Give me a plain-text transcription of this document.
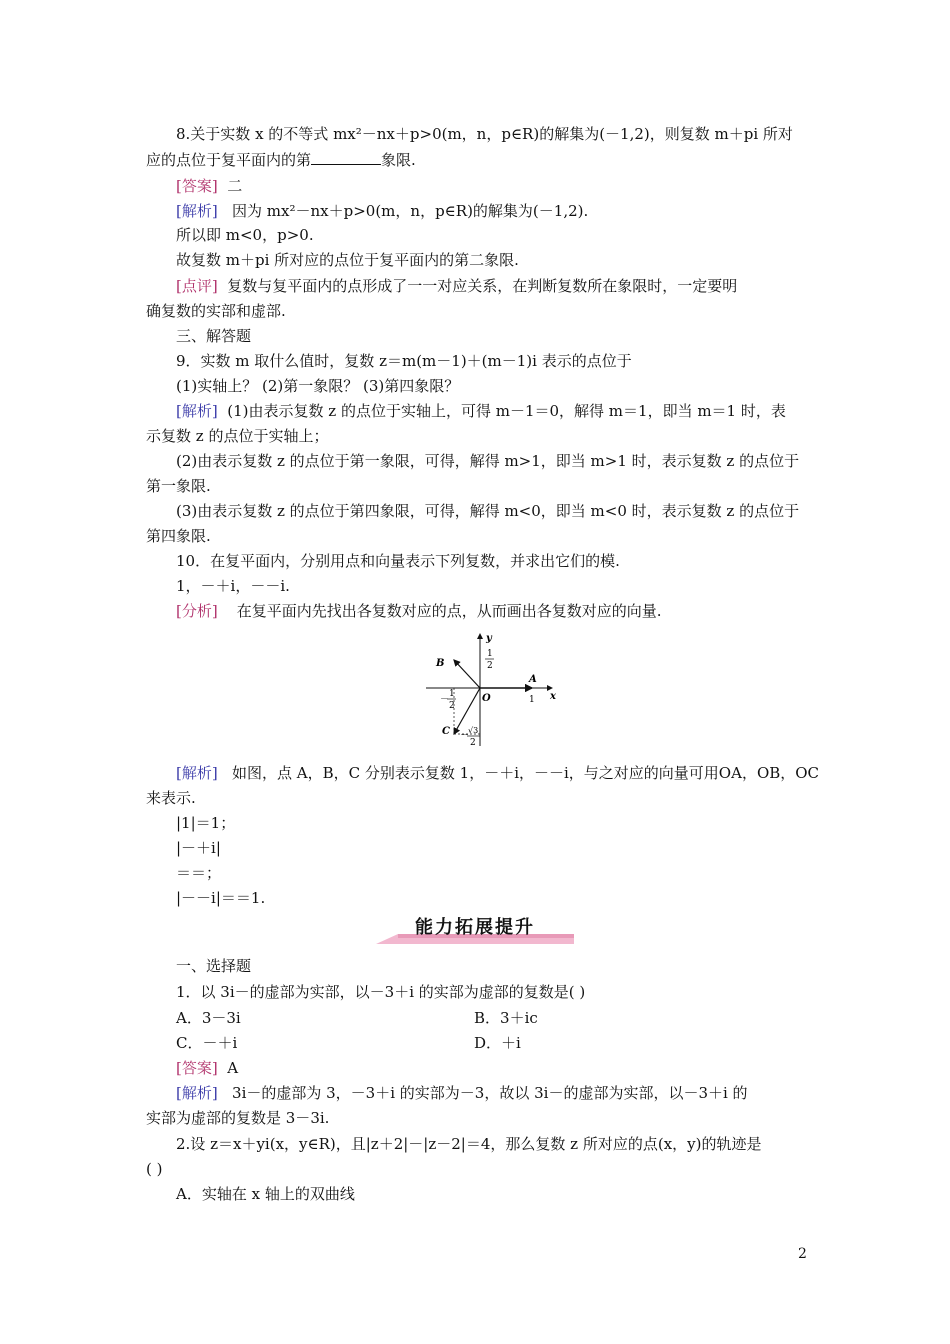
8.关于实数 x 的不等式 mx²－nx＋p>0(m，n，p∈R)的解集为(－1,2)，则复数 m＋pi 所对
应的点位于复平面内的第	象限.
[答案] 二
[解析] 因为 mx²－nx＋p>0(m，n，p∈R)的解集为(－1,2).
所以即 m<0，p>0.
故复数 m＋pi 所对应的点位于复平面内的第二象限.
[点评] 复数与复平面内的点形成了一一对应关系，在判断复数所在象限时，一定要明
确复数的实部和虚部.
三、解答题
9．实数 m 取什么值时，复数 z＝m(m－1)＋(m－1)i 表示的点位于
(1)实轴上？ (2)第一象限？ (3)第四象限？
[解析] (1)由表示复数 z 的点位于实轴上，可得 m－1＝0，解得 m＝1，即当 m＝1 时，表
示复数 z 的点位于实轴上；
(2)由表示复数 z 的点位于第一象限，可得，解得 m>1，即当 m>1 时，表示复数 z 的点位于
第一象限.
(3)由表示复数 z 的点位于第四象限，可得，解得 m<0，即当 m<0 时，表示复数 z 的点位于
第四象限.
10．在复平面内，分别用点和向量表示下列复数，并求出它们的模.
1，－＋i，－－i.
[分析] 在复平面内先找出各复数对应的点，从而画出各复数对应的向量.
y
x
O
A
B
C
1
1
2
－
1
2
－
√3
2
[解析] 如图，点 A，B，C 分别表示复数 1，－＋i，－－i，与之对应的向量可用OA，OB，OC
来表示.
|1|＝1；
|－＋i|
＝＝；
|－－i|＝＝1.
能力拓展提升
一、选择题
1．以 3i－的虚部为实部，以－3＋i 的实部为虚部的复数是( )
A．3－3i	B．3＋ic
C．－＋i	D．＋i
[答案] A
[解析] 3i－的虚部为 3，－3＋i 的实部为－3，故以 3i－的虚部为实部，以－3＋i 的
实部为虚部的复数是 3－3i.
2.设 z＝x＋yi(x，y∈R)，且|z＋2|－|z－2|＝4，那么复数 z 所对应的点(x，y)的轨迹是
( )
A．实轴在 x 轴上的双曲线
2
